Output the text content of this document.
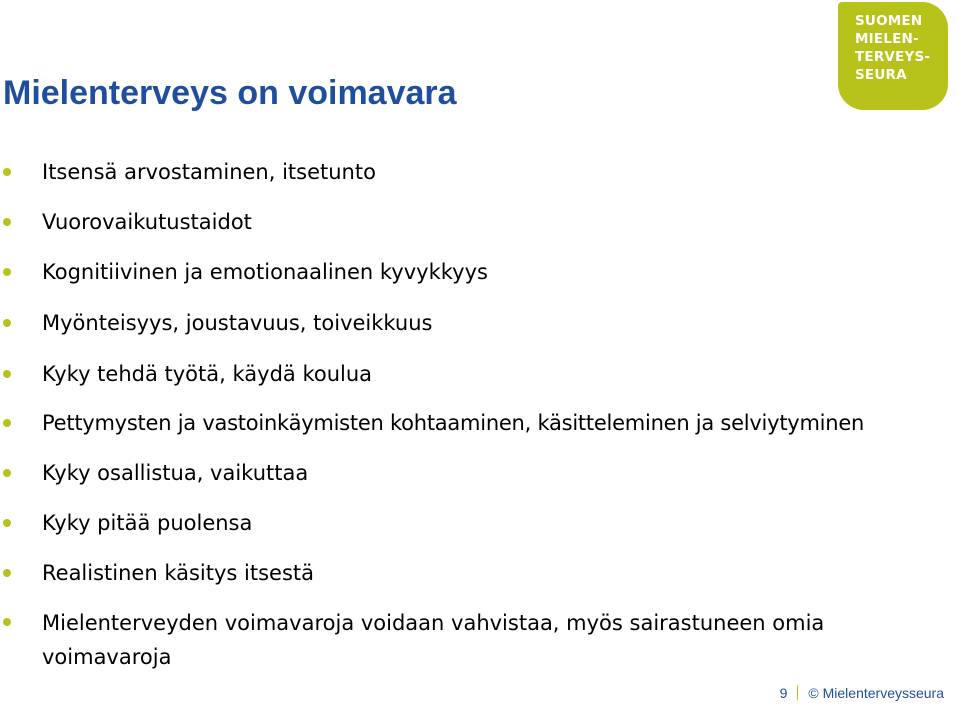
Mielenterveys on voimavara
SUOMEN
MIELEN-
TERVEYS-
SEURA
Itsensä arvostaminen, itsetunto
Vuorovaikutustaidot
Kognitiivinen ja emotionaalinen kyvykkyys
Myönteisyys, joustavuus, toiveikkuus
Kyky tehdä työtä, käydä koulua
Pettymysten ja vastoinkäymisten kohtaaminen, käsitteleminen ja selviytyminen
Kyky osallistua, vaikuttaa
Kyky pitää puolensa
Realistinen käsitys itsestä
Mielenterveyden voimavaroja voidaan vahvistaa, myös sairastuneen omia voimavaroja
9 © Mielenterveysseura
